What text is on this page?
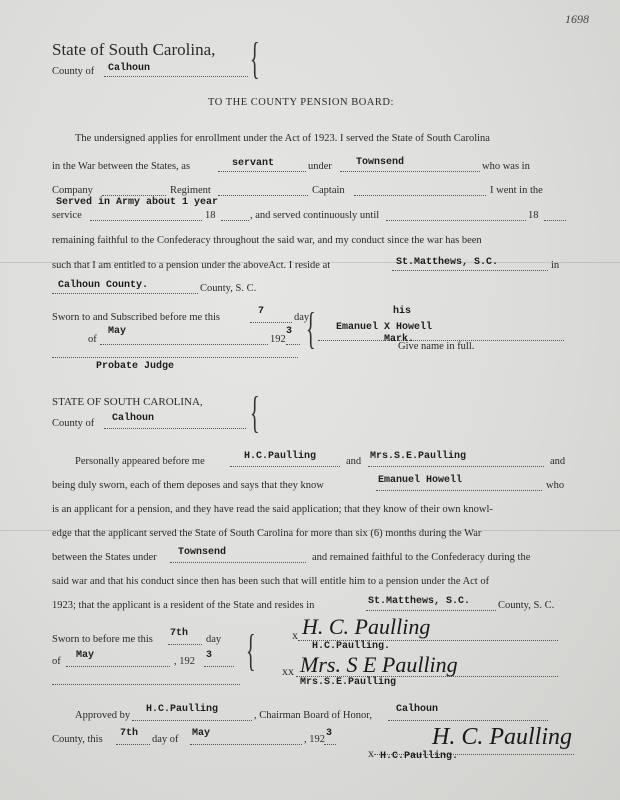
1698
State of South Carolina,
County of Calhoun	{
TO THE COUNTY PENSION BOARD:
The undersigned applies for enrollment under the Act of 1923. I served the State of South Carolina
in the War between the States, as	servant	under Townsend	who was in
Company	Regiment	Captain	I went in the
Served in Army about 1 year
service	18	, and served continuously until	18
remaining faithful to the Confederacy throughout the said war, and my conduct since the war has been
such that I am entitled to a pension under the aboveAct. I reside at	St.Matthews, S.C.	in
Calhoun County.	County, S. C.
Sworn to and Subscribed before me this
7
day
of
May
192
3
Probate Judge
{	his
Emanuel X Howell
Mark.
Give name in full.
STATE OF SOUTH CAROLINA,
County of Calhoun	{
Personally appeared before me	H.C.Paulling	and Mrs.S.E.Paulling	and
being duly sworn, each of them deposes and says that they know	Emanuel Howell	who
is an applicant for a pension, and they have read the said application; that they know of their own knowl-
edge that the applicant served the State of South Carolina for more than six (6) months during the War
between the States under Townsend	and remained faithful to the Confederacy during the
said war and that his conduct since then has been such that will entitle him to a pension under the Act of
1923; that the applicant is a resident of the State and resides in	St.Matthews, S.C.	County, S. C.
Sworn to before me this
7th
day
of
May
, 192
3 {	x H. C. Paulling
H.C.Paulling.
xx Mrs. S E Paulling
Mrs.S.E.Paulling
Approved by
H.C.Paulling
, Chairman Board of Honor,
Calhoun
County, this
7th
day of
May
, 192
3
x
H. C. Paulling
H.C.Paulling.
